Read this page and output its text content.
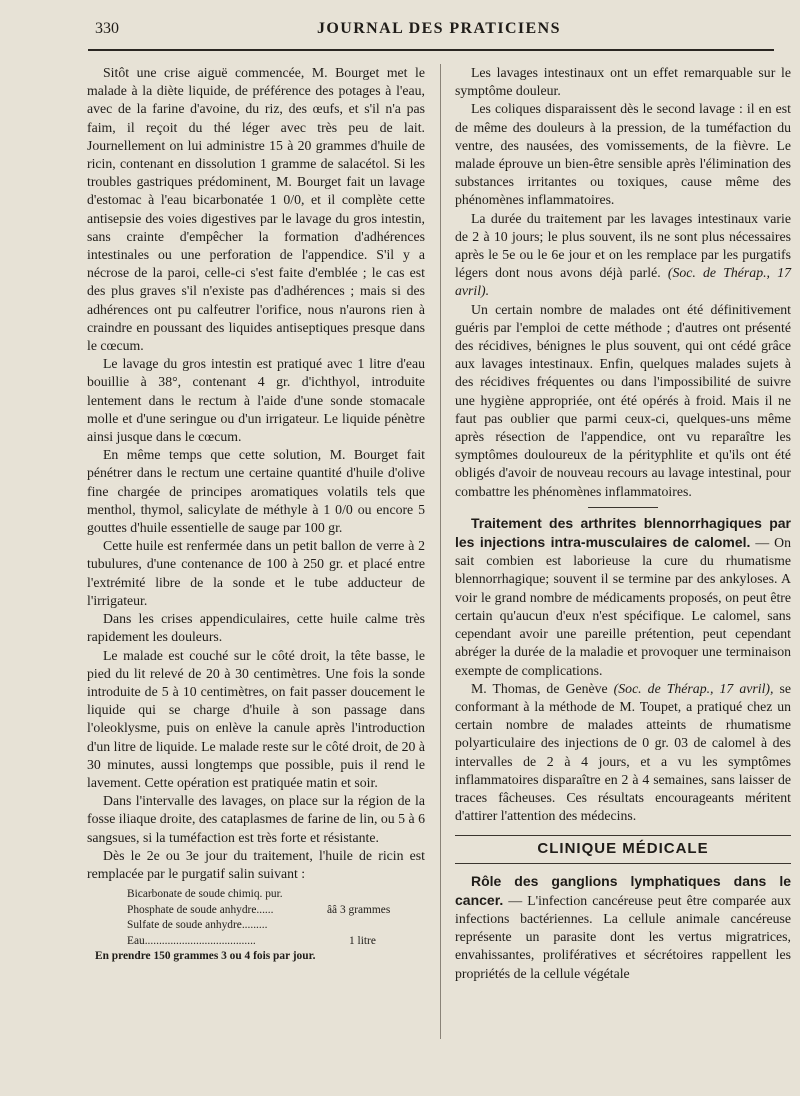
330	JOURNAL DES PRATICIENS

Sitôt une crise aiguë commencée, M. Bourget met le malade à la diète liquide, de préférence des potages à l'eau, avec de la farine d'avoine, du riz, des œufs, et s'il n'a pas faim, il reçoit du thé léger avec très peu de lait. Journellement on lui administre 15 à 20 grammes d'huile de ricin, contenant en dissolution 1 gramme de salacétol. Si les troubles gastriques prédominent, M. Bourget fait un lavage d'estomac à l'eau bicarbonatée 1 0/0, et il complète cette antisepsie des voies digestives par le lavage du gros intestin, sans crainte d'empêcher la formation d'adhérences intestinales ou une perforation de l'appendice. S'il y a nécrose de la paroi, celle-ci s'est faite d'emblée ; le cas est des plus graves s'il n'existe pas d'adhérences ; mais si des adhérences ont pu calfeutrer l'orifice, nous n'aurons rien à craindre en poussant des liquides antiseptiques presque dans le cœcum.

Le lavage du gros intestin est pratiqué avec 1 litre d'eau bouillie à 38°, contenant 4 gr. d'ichthyol, introduite lentement dans le rectum à l'aide d'une sonde stomacale molle et d'une seringue ou d'un irrigateur. Le liquide pénètre ainsi jusque dans le cœcum.

En même temps que cette solution, M. Bourget fait pénétrer dans le rectum une certaine quantité d'huile d'olive fine chargée de principes aromatiques volatils tels que menthol, thymol, salicylate de méthyle à 1 0/0 ou encore 5 gouttes d'huile essentielle de sauge par 100 gr.

Cette huile est renfermée dans un petit ballon de verre à 2 tubulures, d'une contenance de 100 à 250 gr. et placé entre l'extrémité libre de la sonde et le tube adducteur de l'irrigateur.

Dans les crises appendiculaires, cette huile calme très rapidement les douleurs.

Le malade est couché sur le côté droit, la tête basse, le pied du lit relevé de 20 à 30 centimètres. Une fois la sonde introduite de 5 à 10 centimètres, on fait passer doucement le liquide qui se charge d'huile à son passage dans l'oleoklysme, puis on enlève la canule après l'introduction d'un litre de liquide. Le malade reste sur le côté droit, de 20 à 30 minutes, aussi longtemps que possible, puis il rend le lavement. Cette opération est pratiquée matin et soir.

Dans l'intervalle des lavages, on place sur la région de la fosse iliaque droite, des cataplasmes de farine de lin, ou 5 à 6 sangsues, si la tuméfaction est très forte et résistante.

Dès le 2e ou 3e jour du traitement, l'huile de ricin est remplacée par le purgatif salin suivant :

Bicarbonate de soude chimiq. pur.
Phosphate de soude anhydre......	ââ 3 grammes
Sulfate de soude anhydre.........
Eau.......................................	1 litre
En prendre 150 grammes 3 ou 4 fois par jour.

Les lavages intestinaux ont un effet remarquable sur le symptôme douleur.

Les coliques disparaissent dès le second lavage : il en est de même des douleurs à la pression, de la tuméfaction du ventre, des nausées, des vomissements, de la fièvre. Le malade éprouve un bien-être sensible après l'élimination des substances irritantes ou toxiques, cause même des phénomènes inflammatoires.

La durée du traitement par les lavages intestinaux varie de 2 à 10 jours; le plus souvent, ils ne sont plus nécessaires après le 5e ou le 6e jour et on les remplace par les purgatifs légers dont nous avons déjà parlé. (Soc. de Thérap., 17 avril).

Un certain nombre de malades ont été définitivement guéris par l'emploi de cette méthode ; d'autres ont présenté des récidives, bénignes le plus souvent, qui ont cédé grâce aux lavages intestinaux. Enfin, quelques malades sujets à des récidives fréquentes ou dans l'impossibilité de suivre une hygiène appropriée, ont été opérés à froid. Mais il ne faut pas oublier que parmi ceux-ci, quelques-uns même après résection de l'appendice, ont vu reparaître les symptômes douloureux de la pérityphlite et qu'ils ont été obligés d'avoir de nouveau recours au lavage intestinal, pour combattre les phénomènes inflammatoires.

Traitement des arthrites blennorrhagiques par les injections intra-musculaires de calomel. — On sait combien est laborieuse la cure du rhumatisme blennorrhagique; souvent il se termine par des ankyloses. A voir le grand nombre de médicaments proposés, on peut être certain qu'aucun d'eux n'est spécifique. Le calomel, sans cependant avoir une pareille prétention, peut cependant abréger la durée de la maladie et provoquer une terminaison exempte de complications.

M. Thomas, de Genève (Soc. de Thérap., 17 avril), se conformant à la méthode de M. Toupet, a pratiqué chez un certain nombre de malades atteints de rhumatisme polyarticulaire des injections de 0 gr. 03 de calomel à des intervalles de 2 à 4 jours, et a vu les symptômes inflammatoires disparaître en 2 à 4 semaines, sans laisser de traces fâcheuses. Ces résultats encourageants méritent d'attirer l'attention des médecins.

CLINIQUE MÉDICALE

Rôle des ganglions lymphatiques dans le cancer. — L'infection cancéreuse peut être comparée aux infections bactériennes. La cellule animale cancéreuse représente un parasite dont les vertus migratrices, envahissantes, prolifératives et sécrétoires rappellent les propriétés de la cellule végétale
